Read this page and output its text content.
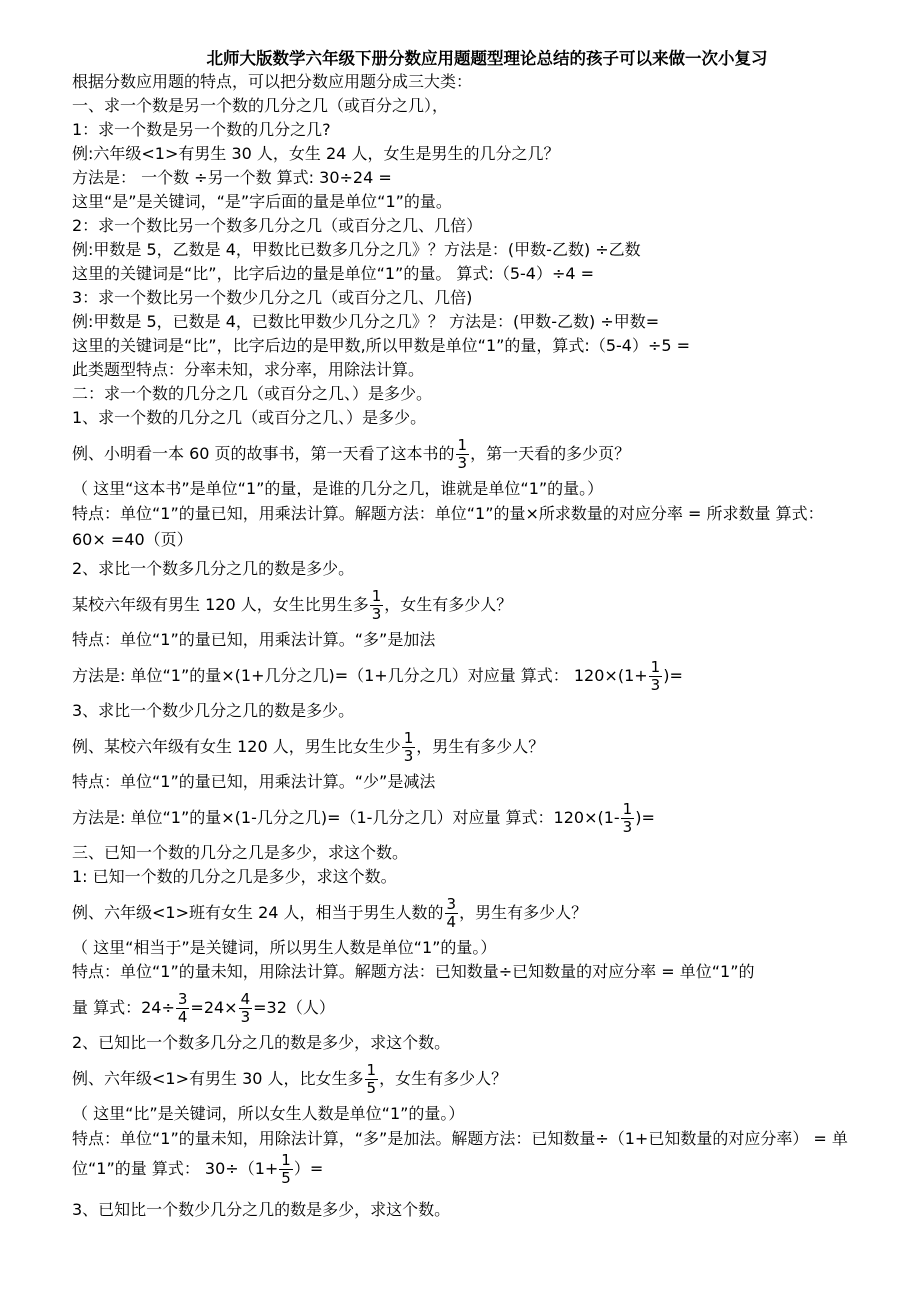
北师大版数学六年级下册分数应用题题型理论总结的孩子可以来做一次小复习
根据分数应用题的特点，可以把分数应用题分成三大类：
一、求一个数是另一个数的几分之几（或百分之几），
1：求一个数是另一个数的几分之几?
例:六年级<1>有男生 30 人，女生 24 人，女生是男生的几分之几？
方法是： 一个数 ÷另一个数 算式: 30÷24 =
这里“是”是关键词，“是”字后面的量是单位“1”的量。
2：求一个数比另一个数多几分之几（或百分之几、几倍）
例:甲数是 5，乙数是 4，甲数比已数多几分之几》？方法是：(甲数-乙数) ÷乙数
这里的关键词是“比”，比字后边的量是单位“1”的量。 算式:（5-4）÷4 =
3：求一个数比另一个数少几分之几（或百分之几、几倍)
例:甲数是 5，已数是 4，已数比甲数少几分之几》？ 方法是：(甲数-乙数) ÷甲数=
这里的关键词是“比”，比字后边的是甲数,所以甲数是单位“1”的量，算式:（5-4）÷5 =
此类题型特点：分率未知，求分率，用除法计算。
二：求一个数的几分之几（或百分之几、）是多少。
1、求一个数的几分之几（或百分之几、）是多少。
例、小明看一本 60 页的故事书，第一天看了这本书的 $\frac{1}{3}$ ，第一天看的多少页？
（ 这里“这本书”是单位“1”的量，是谁的几分之几，谁就是单位“1”的量。）
特点：单位“1”的量已知，用乘法计算。解题方法：单位“1”的量×所求数量的对应分率 = 所求数量 算式： 60× =40（页）
2、求比一个数多几分之几的数是多少。
某校六年级有男生 120 人，女生比男生多 $\frac{1}{3}$ ，女生有多少人？
特点：单位“1”的量已知，用乘法计算。“多”是加法
方法是: 单位“1”的量×(1+几分之几)=（1+几分之几）对应量 算式： $120\times(1+ \frac{1}{3}$ )=
3、求比一个数少几分之几的数是多少。
例、某校六年级有女生 120 人，男生比女生少 $\frac{1}{3}$ ，男生有多少人？
特点：单位“1”的量已知，用乘法计算。“少”是减法
方法是: 单位“1”的量×(1-几分之几)=（1-几分之几）对应量 算式：$120\times(1- \frac{1}{3}$ )=
三、已知一个数的几分之几是多少，求这个数。
1: 已知一个数的几分之几是多少，求这个数。
例、六年级<1>班有女生 24 人，相当于男生人数的 $\frac{3}{4}$ ，男生有多少人？
（ 这里“相当于”是关键词，所以男生人数是单位“1”的量。）
特点：单位“1”的量未知，用除法计算。解题方法：已知数量÷已知数量的对应分率 = 单位“1”的
量 算式：$24\div \frac{3}{4} =24\times \frac{4}{3} =32$（人）
2、已知比一个数多几分之几的数是多少，求这个数。
例、六年级<1>有男生 30 人，比女生多 $\frac{1}{5}$ ，女生有多少人？
（ 这里“比”是关键词，所以女生人数是单位“1”的量。）
特点：单位“1”的量未知，用除法计算，“多”是加法。解题方法：已知数量÷（1+已知数量的对应分率） = 单位“1”的量 算式： $30\div(1+ \frac{1}{5}$ ）=
3、已知比一个数少几分之几的数是多少，求这个数。
